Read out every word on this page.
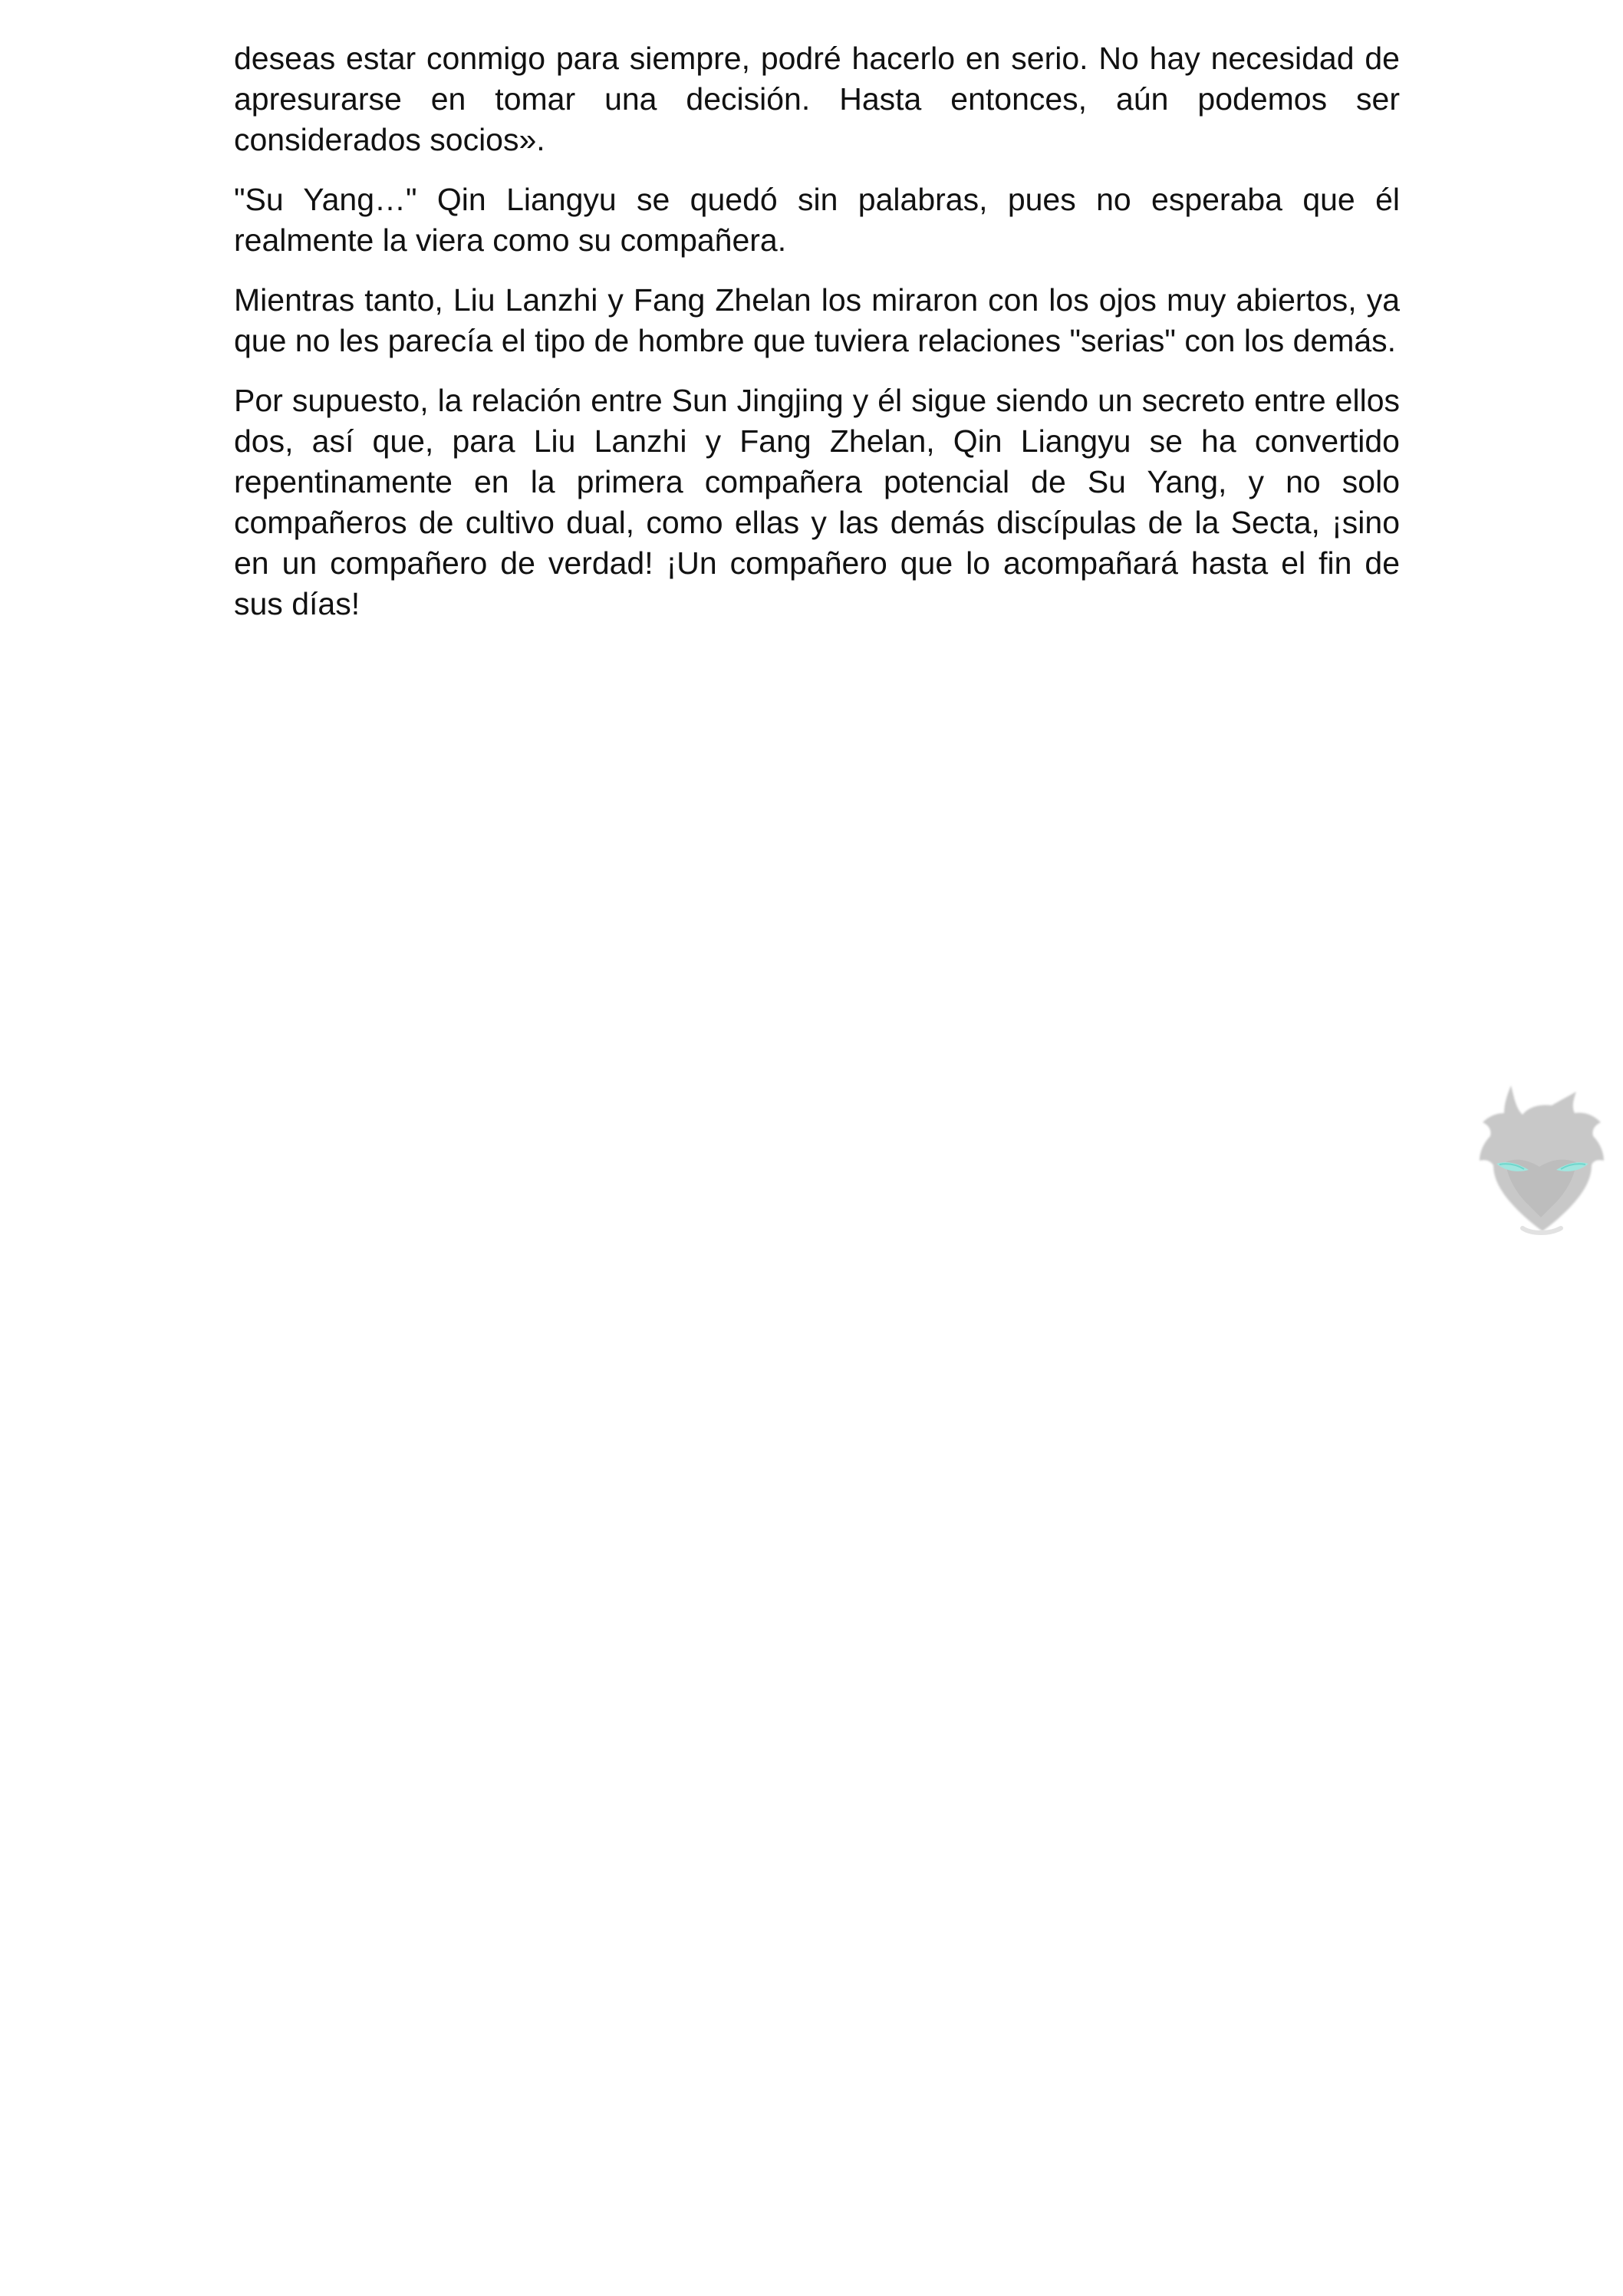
deseas estar conmigo para siempre, podré hacerlo en serio. No hay necesidad de apresurarse en tomar una decisión. Hasta entonces, aún podemos ser considerados socios».

"Su Yang…" Qin Liangyu se quedó sin palabras, pues no esperaba que él realmente la viera como su compañera.

Mientras tanto, Liu Lanzhi y Fang Zhelan los miraron con los ojos muy abiertos, ya que no les parecía el tipo de hombre que tuviera relaciones "serias" con los demás.

Por supuesto, la relación entre Sun Jingjing y él sigue siendo un secreto entre ellos dos, así que, para Liu Lanzhi y Fang Zhelan, Qin Liangyu se ha convertido repentinamente en la primera compañera potencial de Su Yang, y no solo compañeros de cultivo dual, como ellas y las demás discípulas de la Secta, ¡sino en un compañero de verdad! ¡Un compañero que lo acompañará hasta el fin de sus días!
